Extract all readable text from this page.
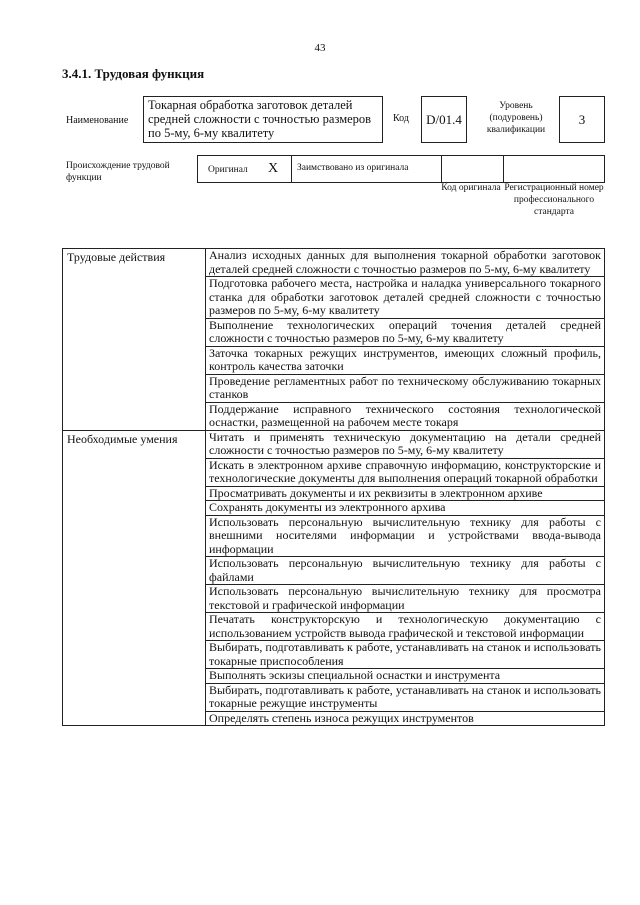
43
3.4.1. Трудовая функция
Наименование
Токарная обработка заготовок деталей средней сложности с точностью размеров по 5-му, 6-му квалитету
Код D/01.4
Уровень (подуровень) квалификации
3
Происхождение трудовой функции
Оригинал X Заимствовано из оригинала
Код оригинала Регистрационный номер профессионального стандарта
Трудовые действия	Анализ исходных данных для выполнения токарной обработки заготовок деталей средней сложности с точностью размеров по 5-му, 6-му квалитету
	Подготовка рабочего места, настройка и наладка универсального токарного станка для обработки заготовок деталей средней сложности с точностью размеров по 5-му, 6-му квалитету
	Выполнение технологических операций точения деталей средней сложности с точностью размеров по 5-му, 6-му квалитету
	Заточка токарных режущих инструментов, имеющих сложный профиль, контроль качества заточки
	Проведение регламентных работ по техническому обслуживанию токарных станков
	Поддержание исправного технического состояния технологической оснастки, размещенной на рабочем месте токаря
Необходимые умения	Читать и применять техническую документацию на детали средней сложности с точностью размеров по 5-му, 6-му квалитету
	Искать в электронном архиве справочную информацию, конструкторские и технологические документы для выполнения операций токарной обработки
	Просматривать документы и их реквизиты в электронном архиве
	Сохранять документы из электронного архива
	Использовать персональную вычислительную технику для работы с внешними носителями информации и устройствами ввода-вывода информации
	Использовать персональную вычислительную технику для работы с файлами
	Использовать персональную вычислительную технику для просмотра текстовой и графической информации
	Печатать конструкторскую и технологическую документацию с использованием устройств вывода графической и текстовой информации
	Выбирать, подготавливать к работе, устанавливать на станок и использовать токарные приспособления
	Выполнять эскизы специальной оснастки и инструмента
	Выбирать, подготавливать к работе, устанавливать на станок и использовать токарные режущие инструменты
	Определять степень износа режущих инструментов
